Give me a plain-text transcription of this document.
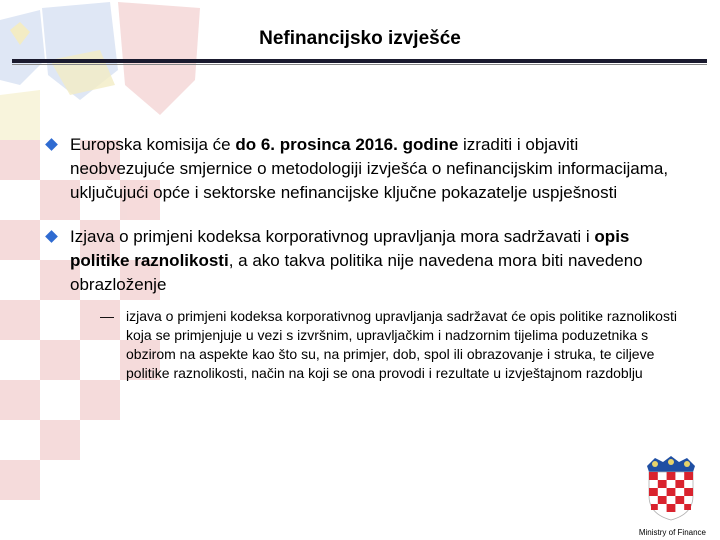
Nefinancijsko izvješće
Europska komisija će do 6. prosinca 2016. godine izraditi i objaviti neobvezujuće smjernice o metodologiji izvješća o nefinancijskim informacijama, uključujući opće i sektorske nefinancijske ključne pokazatelje uspješnosti
Izjava o primjeni kodeksa korporativnog upravljanja mora sadržavati i opis politike raznolikosti, a ako takva politika nije navedena mora biti navedeno obrazloženje
— izjava o primjeni kodeksa korporativnog upravljanja sadržavat će opis politike raznolikosti koja se primjenjuje u vezi s izvršnim, upravljačkim i nadzornim tijelima poduzetnika s obzirom na aspekte kao što su, na primjer, dob, spol ili obrazovanje i struka, te ciljeve politike raznolikosti, način na koji se ona provodi i rezultate u izvještajnom razdoblju
Ministry of Finance
